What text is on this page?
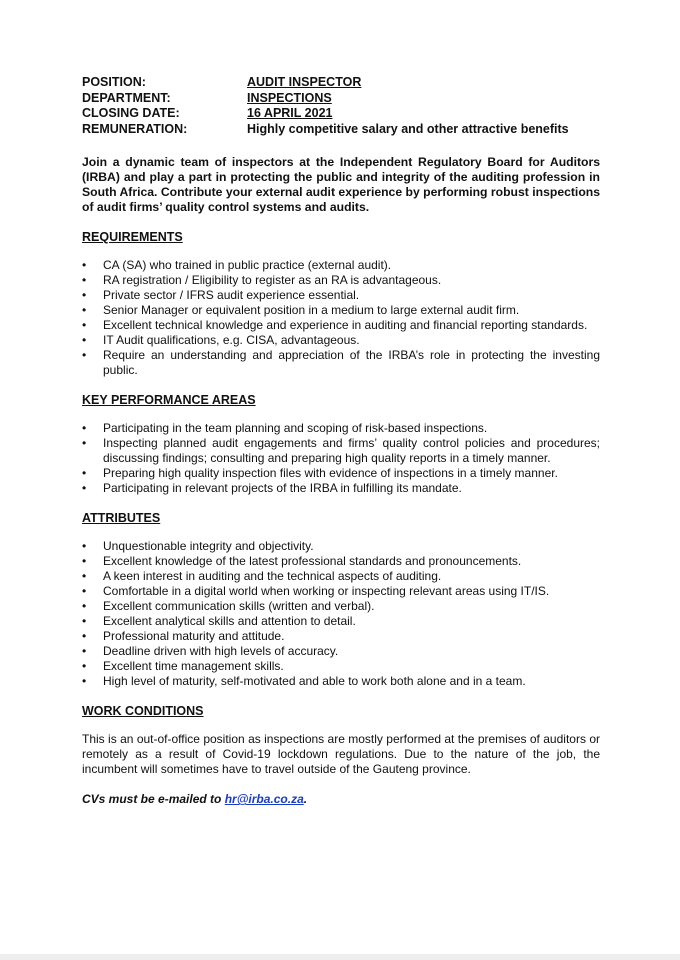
POSITION:	AUDIT INSPECTOR
DEPARTMENT:	INSPECTIONS
CLOSING DATE:	16 APRIL 2021
REMUNERATION:	Highly competitive salary and other attractive benefits
Join a dynamic team of inspectors at the Independent Regulatory Board for Auditors (IRBA) and play a part in protecting the public and integrity of the auditing profession in South Africa. Contribute your external audit experience by performing robust inspections of audit firms’ quality control systems and audits.
REQUIREMENTS
• CA (SA) who trained in public practice (external audit).
• RA registration / Eligibility to register as an RA is advantageous.
• Private sector / IFRS audit experience essential.
• Senior Manager or equivalent position in a medium to large external audit firm.
• Excellent technical knowledge and experience in auditing and financial reporting standards.
• IT Audit qualifications, e.g. CISA, advantageous.
• Require an understanding and appreciation of the IRBA’s role in protecting the investing public.
KEY PERFORMANCE AREAS
• Participating in the team planning and scoping of risk-based inspections.
• Inspecting planned audit engagements and firms’ quality control policies and procedures; discussing findings; consulting and preparing high quality reports in a timely manner.
• Preparing high quality inspection files with evidence of inspections in a timely manner.
• Participating in relevant projects of the IRBA in fulfilling its mandate.
ATTRIBUTES
• Unquestionable integrity and objectivity.
• Excellent knowledge of the latest professional standards and pronouncements.
• A keen interest in auditing and the technical aspects of auditing.
• Comfortable in a digital world when working or inspecting relevant areas using IT/IS.
• Excellent communication skills (written and verbal).
• Excellent analytical skills and attention to detail.
• Professional maturity and attitude.
• Deadline driven with high levels of accuracy.
• Excellent time management skills.
• High level of maturity, self-motivated and able to work both alone and in a team.
WORK CONDITIONS
This is an out-of-office position as inspections are mostly performed at the premises of auditors or remotely as a result of Covid-19 lockdown regulations. Due to the nature of the job, the incumbent will sometimes have to travel outside of the Gauteng province.
CVs must be e-mailed to hr@irba.co.za.
